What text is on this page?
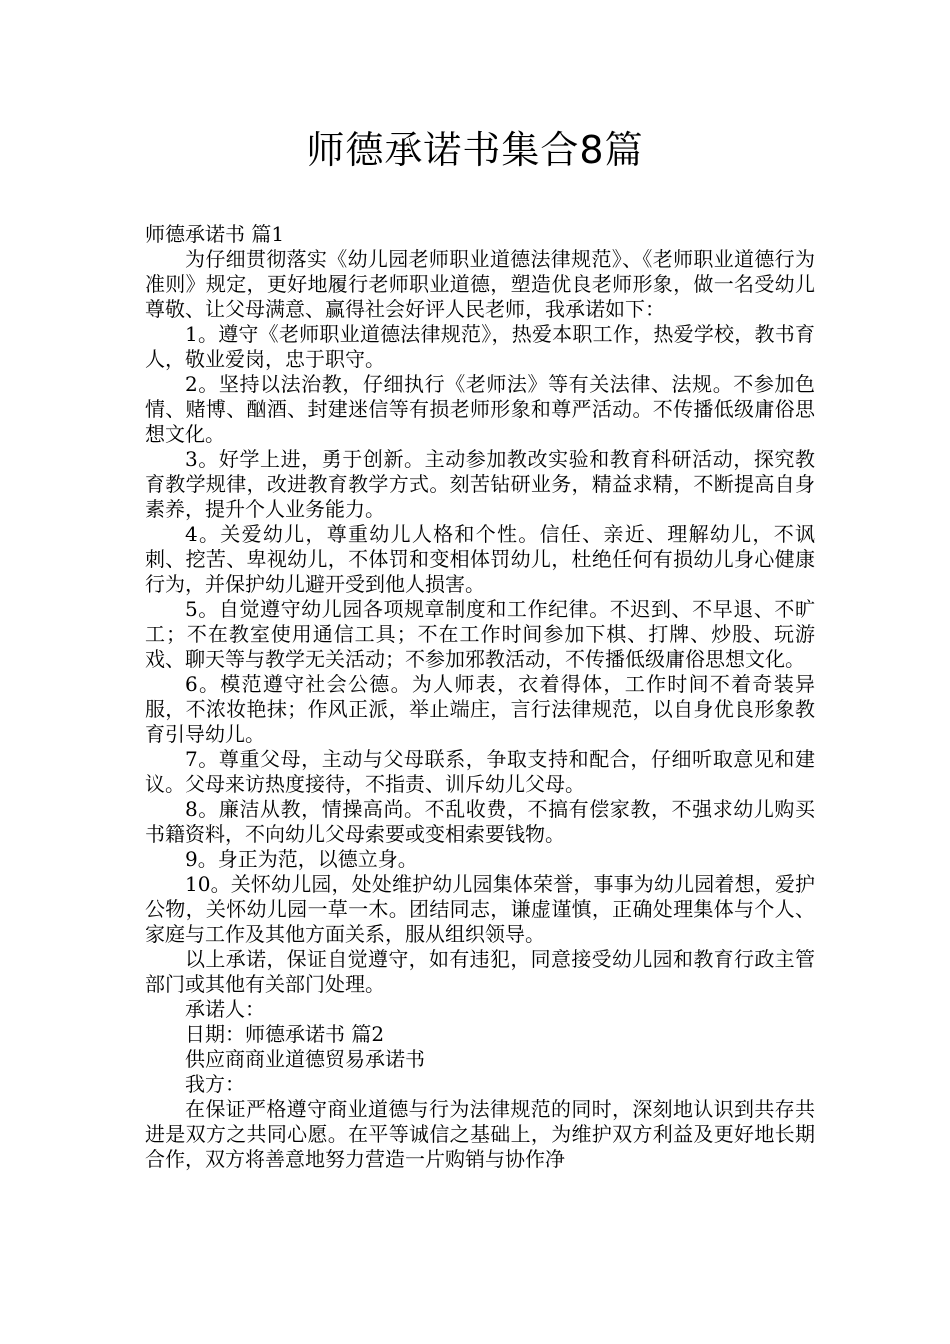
师德承诺书集合8篇

师德承诺书 篇1

为仔细贯彻落实《幼儿园老师职业道德法律规范》、《老师职业道德行为准则》规定，更好地履行老师职业道德，塑造优良老师形象，做一名受幼儿尊敬、让父母满意、赢得社会好评人民老师，我承诺如下：

1。遵守《老师职业道德法律规范》，热爱本职工作，热爱学校，教书育人，敬业爱岗，忠于职守。

2。坚持以法治教，仔细执行《老师法》等有关法律、法规。不参加色情、赌博、酗酒、封建迷信等有损老师形象和尊严活动。不传播低级庸俗思想文化。

3。好学上进，勇于创新。主动参加教改实验和教育科研活动，探究教育教学规律，改进教育教学方式。刻苦钻研业务，精益求精，不断提高自身素养，提升个人业务能力。

4。关爱幼儿，尊重幼儿人格和个性。信任、亲近、理解幼儿，不讽刺、挖苦、卑视幼儿，不体罚和变相体罚幼儿，杜绝任何有损幼儿身心健康行为，并保护幼儿避开受到他人损害。

5。自觉遵守幼儿园各项规章制度和工作纪律。不迟到、不早退、不旷工；不在教室使用通信工具；不在工作时间参加下棋、打牌、炒股、玩游戏、聊天等与教学无关活动；不参加邪教活动，不传播低级庸俗思想文化。

6。模范遵守社会公德。为人师表，衣着得体，工作时间不着奇装异服，不浓妆艳抹；作风正派，举止端庄，言行法律规范，以自身优良形象教育引导幼儿。

7。尊重父母，主动与父母联系，争取支持和配合，仔细听取意见和建议。父母来访热度接待，不指责、训斥幼儿父母。

8。廉洁从教，情操高尚。不乱收费，不搞有偿家教，不强求幼儿购买书籍资料，不向幼儿父母索要或变相索要钱物。

9。身正为范，以德立身。

10。关怀幼儿园，处处维护幼儿园集体荣誉，事事为幼儿园着想，爱护公物，关怀幼儿园一草一木。团结同志，谦虚谨慎，正确处理集体与个人、家庭与工作及其他方面关系，服从组织领导。

以上承诺，保证自觉遵守，如有违犯，同意接受幼儿园和教育行政主管部门或其他有关部门处理。

承诺人：

日期：师德承诺书 篇2

供应商商业道德贸易承诺书

我方：

在保证严格遵守商业道德与行为法律规范的同时，深刻地认识到共存共进是双方之共同心愿。在平等诚信之基础上，为维护双方利益及更好地长期合作，双方将善意地努力营造一片购销与协作净
